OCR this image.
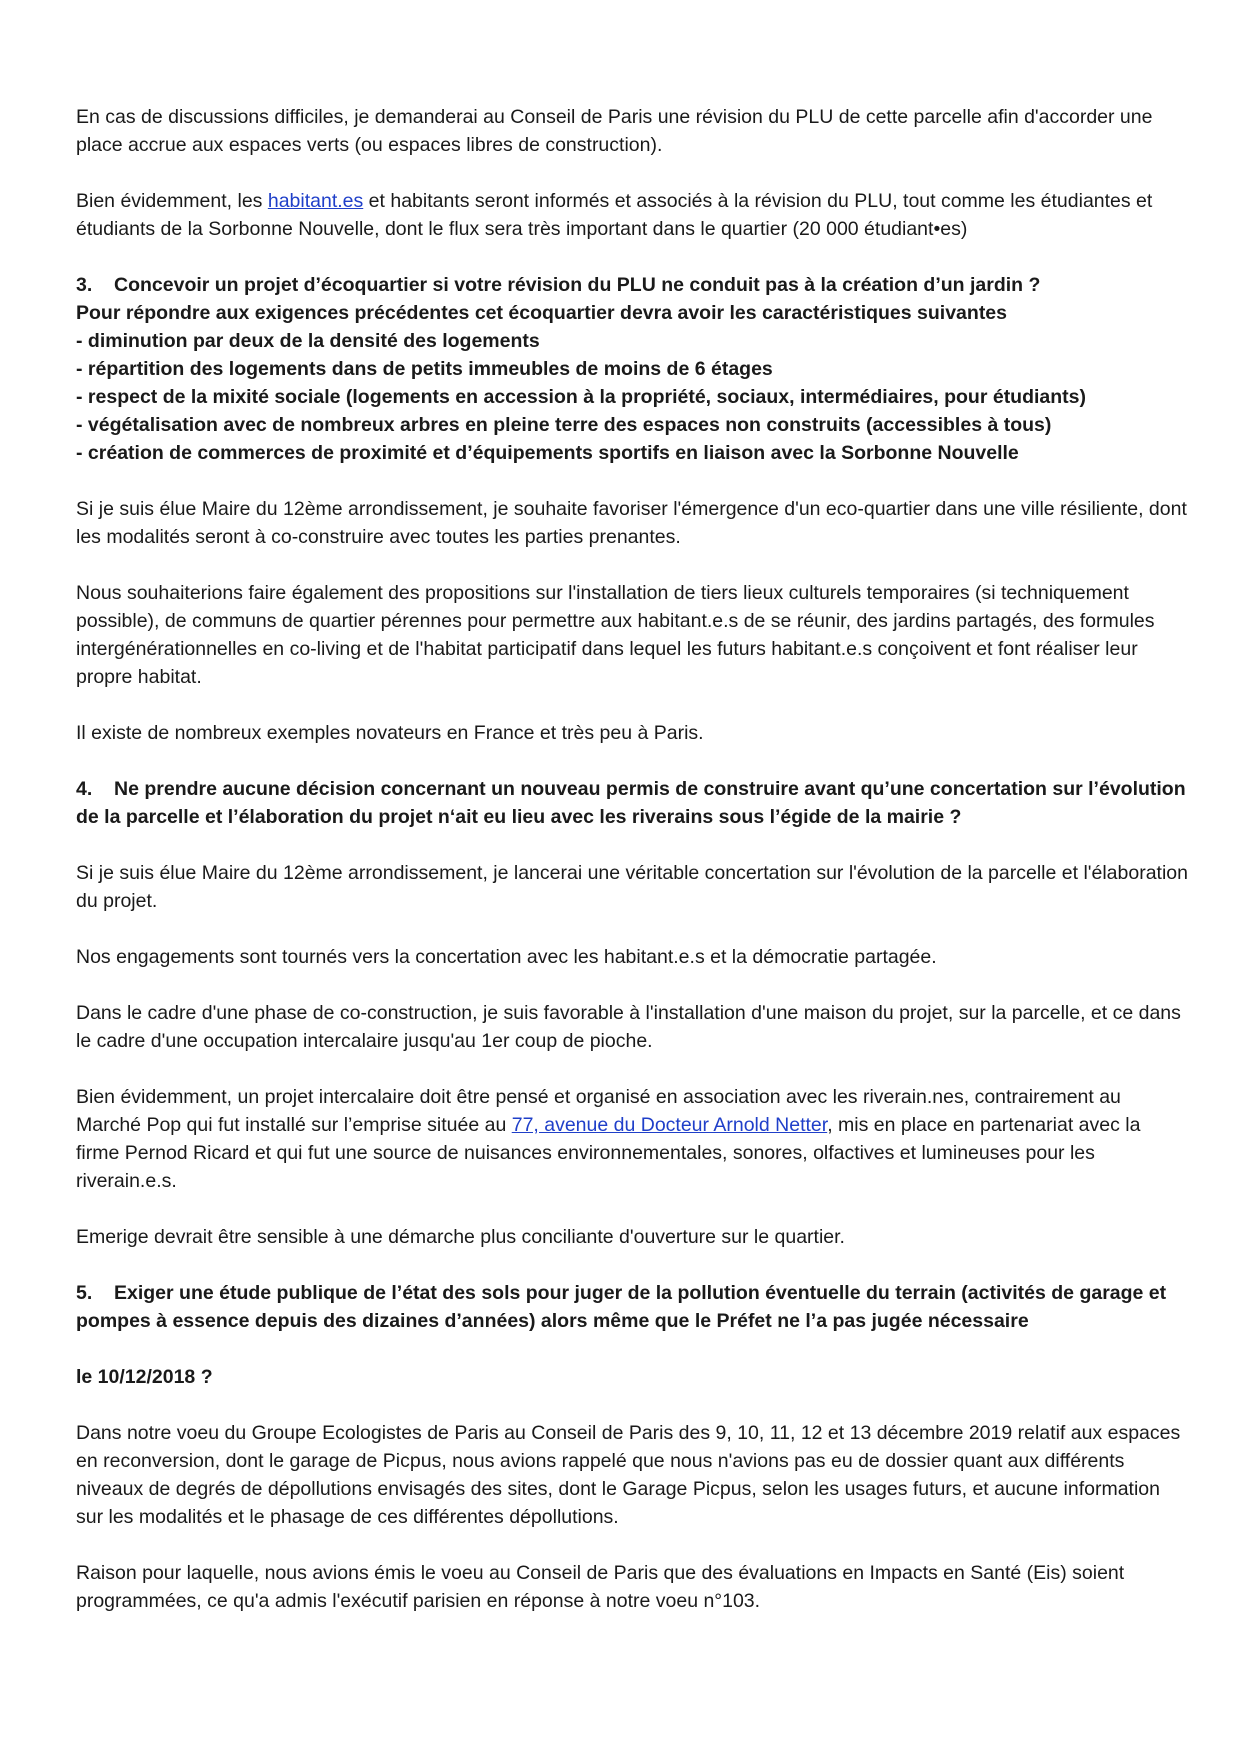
En cas de discussions difficiles, je demanderai au Conseil de Paris une révision du PLU de cette parcelle afin d'accorder une place accrue aux espaces verts (ou espaces libres de construction).

Bien évidemment, les habitant.es et habitants seront informés et associés à la révision du PLU, tout comme les étudiantes et étudiants de la Sorbonne Nouvelle, dont le flux sera très important dans le quartier (20 000 étudiant•es)

3. Concevoir un projet d’écoquartier si votre révision du PLU ne conduit pas à la création d’un jardin ?
Pour répondre aux exigences précédentes cet écoquartier devra avoir les caractéristiques suivantes
- diminution par deux de la densité des logements
- répartition des logements dans de petits immeubles de moins de 6 étages
- respect de la mixité sociale (logements en accession à la propriété, sociaux, intermédiaires, pour étudiants)
- végétalisation avec de nombreux arbres en pleine terre des espaces non construits (accessibles à tous)
- création de commerces de proximité et d’équipements sportifs en liaison avec la Sorbonne Nouvelle

Si je suis élue Maire du 12ème arrondissement, je souhaite favoriser l'émergence d'un eco-quartier dans une ville résiliente, dont les modalités seront à co-construire avec toutes les parties prenantes.

Nous souhaiterions faire également des propositions sur l'installation de tiers lieux culturels temporaires (si techniquement possible), de communs de quartier pérennes pour permettre aux habitant.e.s de se réunir, des jardins partagés, des formules intergénérationnelles en co-living et de l'habitat participatif dans lequel les futurs habitant.e.s conçoivent et font réaliser leur propre habitat.

Il existe de nombreux exemples novateurs en France et très peu à Paris.

4. Ne prendre aucune décision concernant un nouveau permis de construire avant qu’une concertation sur l’évolution de la parcelle et l’élaboration du projet n‘ait eu lieu avec les riverains sous l’égide de la mairie ?

Si je suis élue Maire du 12ème arrondissement, je lancerai une véritable concertation sur l'évolution de la parcelle et l'élaboration du projet.

Nos engagements sont tournés vers la concertation avec les habitant.e.s et la démocratie partagée.

Dans le cadre d'une phase de co-construction, je suis favorable à l'installation d'une maison du projet, sur la parcelle, et ce dans le cadre d'une occupation intercalaire jusqu'au 1er coup de pioche.

Bien évidemment, un projet intercalaire doit être pensé et organisé en association avec les riverain.nes, contrairement au Marché Pop qui fut installé sur l’emprise située au 77, avenue du Docteur Arnold Netter, mis en place en partenariat avec la firme Pernod Ricard et qui fut une source de nuisances environnementales, sonores, olfactives et lumineuses pour les riverain.e.s.

Emerige devrait être sensible à une démarche plus conciliante d'ouverture sur le quartier.

5. Exiger une étude publique de l’état des sols pour juger de la pollution éventuelle du terrain (activités de garage et pompes à essence depuis des dizaines d’années) alors même que le Préfet ne l’a pas jugée nécessaire

le 10/12/2018 ?

Dans notre voeu du Groupe Ecologistes de Paris au Conseil de Paris des 9, 10, 11, 12 et 13 décembre 2019 relatif aux espaces en reconversion, dont le garage de Picpus, nous avions rappelé que nous n'avions pas eu de dossier quant aux différents niveaux de degrés de dépollutions envisagés des sites, dont le Garage Picpus, selon les usages futurs, et aucune information sur les modalités et le phasage de ces différentes dépollutions.

Raison pour laquelle, nous avions émis le voeu au Conseil de Paris que des évaluations en Impacts en Santé (Eis) soient programmées, ce qu'a admis l'exécutif parisien en réponse à notre voeu n°103.
